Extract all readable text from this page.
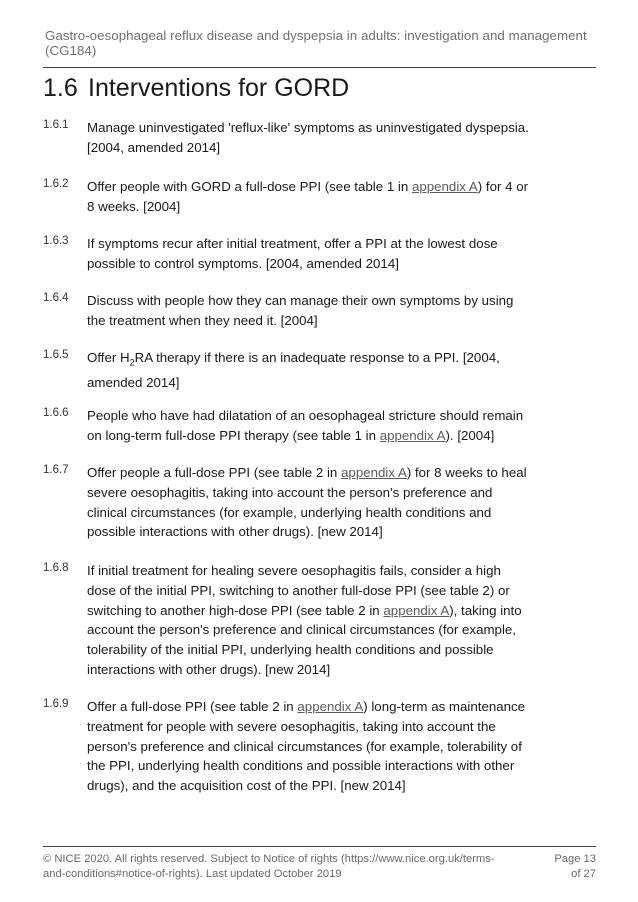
Gastro-oesophageal reflux disease and dyspepsia in adults: investigation and management (CG184)
1.6 Interventions for GORD
1.6.1 Manage uninvestigated 'reflux-like' symptoms as uninvestigated dyspepsia. [2004, amended 2014]
1.6.2 Offer people with GORD a full-dose PPI (see table 1 in appendix A) for 4 or 8 weeks. [2004]
1.6.3 If symptoms recur after initial treatment, offer a PPI at the lowest dose possible to control symptoms. [2004, amended 2014]
1.6.4 Discuss with people how they can manage their own symptoms by using the treatment when they need it. [2004]
1.6.5 Offer $H_2RA$ therapy if there is an inadequate response to a PPI. [2004, amended 2014]
1.6.6 People who have had dilatation of an oesophageal stricture should remain on long-term full-dose PPI therapy (see table 1 in appendix A). [2004]
1.6.7 Offer people a full-dose PPI (see table 2 in appendix A) for 8 weeks to heal severe oesophagitis, taking into account the person's preference and clinical circumstances (for example, underlying health conditions and possible interactions with other drugs). [new 2014]
1.6.8 If initial treatment for healing severe oesophagitis fails, consider a high dose of the initial PPI, switching to another full-dose PPI (see table 2) or switching to another high-dose PPI (see table 2 in appendix A), taking into account the person's preference and clinical circumstances (for example, tolerability of the initial PPI, underlying health conditions and possible interactions with other drugs). [new 2014]
1.6.9 Offer a full-dose PPI (see table 2 in appendix A) long-term as maintenance treatment for people with severe oesophagitis, taking into account the person's preference and clinical circumstances (for example, tolerability of the PPI, underlying health conditions and possible interactions with other drugs), and the acquisition cost of the PPI. [new 2014]
© NICE 2020. All rights reserved. Subject to Notice of rights (https://www.nice.org.uk/terms-and-conditions#notice-of-rights). Last updated October 2019
Page 13
of 27
